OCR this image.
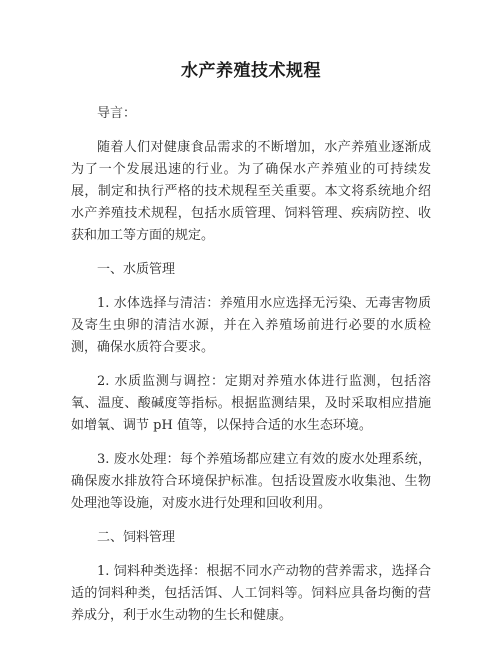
水产养殖技术规程

导言：

随着人们对健康食品需求的不断增加，水产养殖业逐渐成为了一个发展迅速的行业。为了确保水产养殖业的可持续发展，制定和执行严格的技术规程至关重要。本文将系统地介绍水产养殖技术规程，包括水质管理、饲料管理、疾病防控、收获和加工等方面的规定。

一、水质管理

1. 水体选择与清洁：养殖用水应选择无污染、无毒害物质及寄生虫卵的清洁水源，并在入养殖场前进行必要的水质检测，确保水质符合要求。

2. 水质监测与调控：定期对养殖水体进行监测，包括溶氧、温度、酸碱度等指标。根据监测结果，及时采取相应措施如增氧、调节 pH 值等，以保持合适的水生态环境。

3. 废水处理：每个养殖场都应建立有效的废水处理系统，确保废水排放符合环境保护标准。包括设置废水收集池、生物处理池等设施，对废水进行处理和回收利用。

二、饲料管理

1. 饲料种类选择：根据不同水产动物的营养需求，选择合适的饲料种类，包括活饵、人工饲料等。饲料应具备均衡的营养成分，利于水生动物的生长和健康。
